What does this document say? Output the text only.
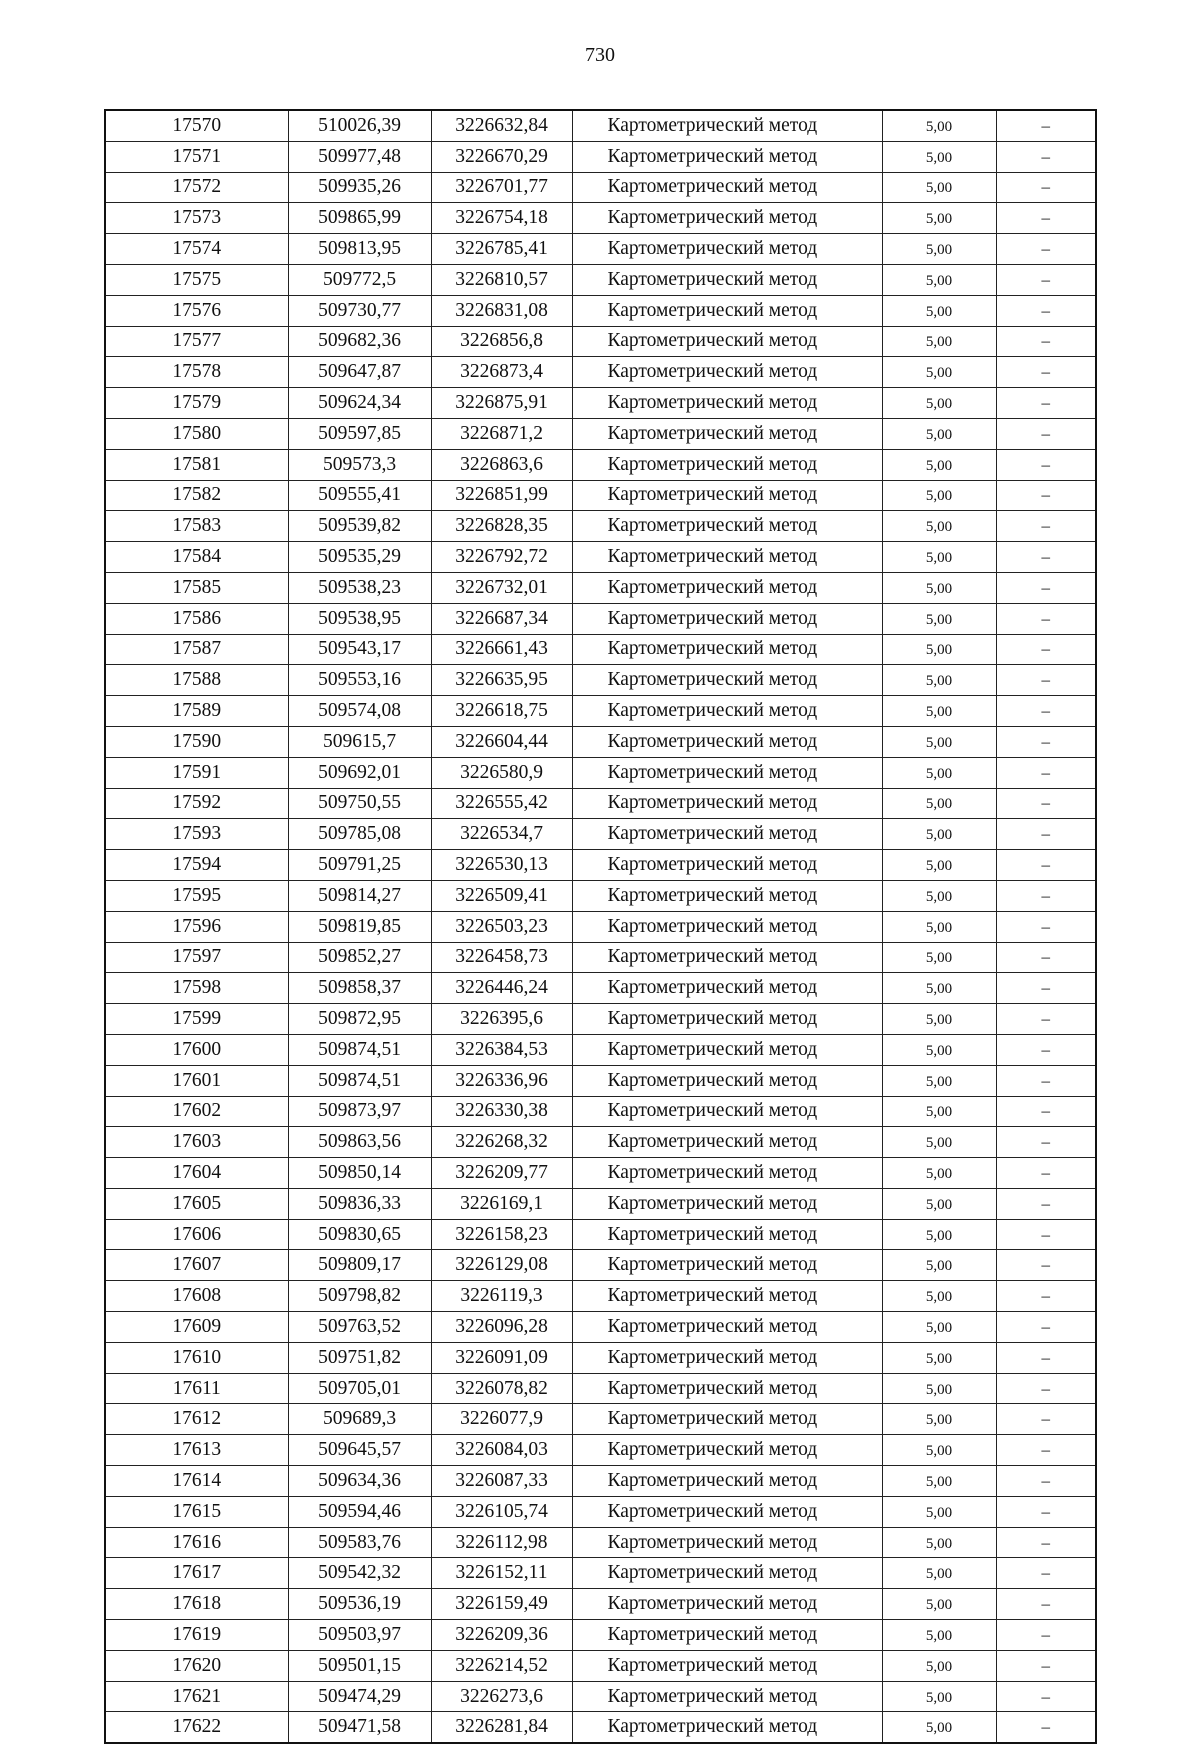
730
17570	510026,39	3226632,84	Картометрический метод	5,00	–
17571	509977,48	3226670,29	Картометрический метод	5,00	–
17572	509935,26	3226701,77	Картометрический метод	5,00	–
17573	509865,99	3226754,18	Картометрический метод	5,00	–
17574	509813,95	3226785,41	Картометрический метод	5,00	–
17575	509772,5	3226810,57	Картометрический метод	5,00	–
17576	509730,77	3226831,08	Картометрический метод	5,00	–
17577	509682,36	3226856,8	Картометрический метод	5,00	–
17578	509647,87	3226873,4	Картометрический метод	5,00	–
17579	509624,34	3226875,91	Картометрический метод	5,00	–
17580	509597,85	3226871,2	Картометрический метод	5,00	–
17581	509573,3	3226863,6	Картометрический метод	5,00	–
17582	509555,41	3226851,99	Картометрический метод	5,00	–
17583	509539,82	3226828,35	Картометрический метод	5,00	–
17584	509535,29	3226792,72	Картометрический метод	5,00	–
17585	509538,23	3226732,01	Картометрический метод	5,00	–
17586	509538,95	3226687,34	Картометрический метод	5,00	–
17587	509543,17	3226661,43	Картометрический метод	5,00	–
17588	509553,16	3226635,95	Картометрический метод	5,00	–
17589	509574,08	3226618,75	Картометрический метод	5,00	–
17590	509615,7	3226604,44	Картометрический метод	5,00	–
17591	509692,01	3226580,9	Картометрический метод	5,00	–
17592	509750,55	3226555,42	Картометрический метод	5,00	–
17593	509785,08	3226534,7	Картометрический метод	5,00	–
17594	509791,25	3226530,13	Картометрический метод	5,00	–
17595	509814,27	3226509,41	Картометрический метод	5,00	–
17596	509819,85	3226503,23	Картометрический метод	5,00	–
17597	509852,27	3226458,73	Картометрический метод	5,00	–
17598	509858,37	3226446,24	Картометрический метод	5,00	–
17599	509872,95	3226395,6	Картометрический метод	5,00	–
17600	509874,51	3226384,53	Картометрический метод	5,00	–
17601	509874,51	3226336,96	Картометрический метод	5,00	–
17602	509873,97	3226330,38	Картометрический метод	5,00	–
17603	509863,56	3226268,32	Картометрический метод	5,00	–
17604	509850,14	3226209,77	Картометрический метод	5,00	–
17605	509836,33	3226169,1	Картометрический метод	5,00	–
17606	509830,65	3226158,23	Картометрический метод	5,00	–
17607	509809,17	3226129,08	Картометрический метод	5,00	–
17608	509798,82	3226119,3	Картометрический метод	5,00	–
17609	509763,52	3226096,28	Картометрический метод	5,00	–
17610	509751,82	3226091,09	Картометрический метод	5,00	–
17611	509705,01	3226078,82	Картометрический метод	5,00	–
17612	509689,3	3226077,9	Картометрический метод	5,00	–
17613	509645,57	3226084,03	Картометрический метод	5,00	–
17614	509634,36	3226087,33	Картометрический метод	5,00	–
17615	509594,46	3226105,74	Картометрический метод	5,00	–
17616	509583,76	3226112,98	Картометрический метод	5,00	–
17617	509542,32	3226152,11	Картометрический метод	5,00	–
17618	509536,19	3226159,49	Картометрический метод	5,00	–
17619	509503,97	3226209,36	Картометрический метод	5,00	–
17620	509501,15	3226214,52	Картометрический метод	5,00	–
17621	509474,29	3226273,6	Картометрический метод	5,00	–
17622	509471,58	3226281,84	Картометрический метод	5,00	–
